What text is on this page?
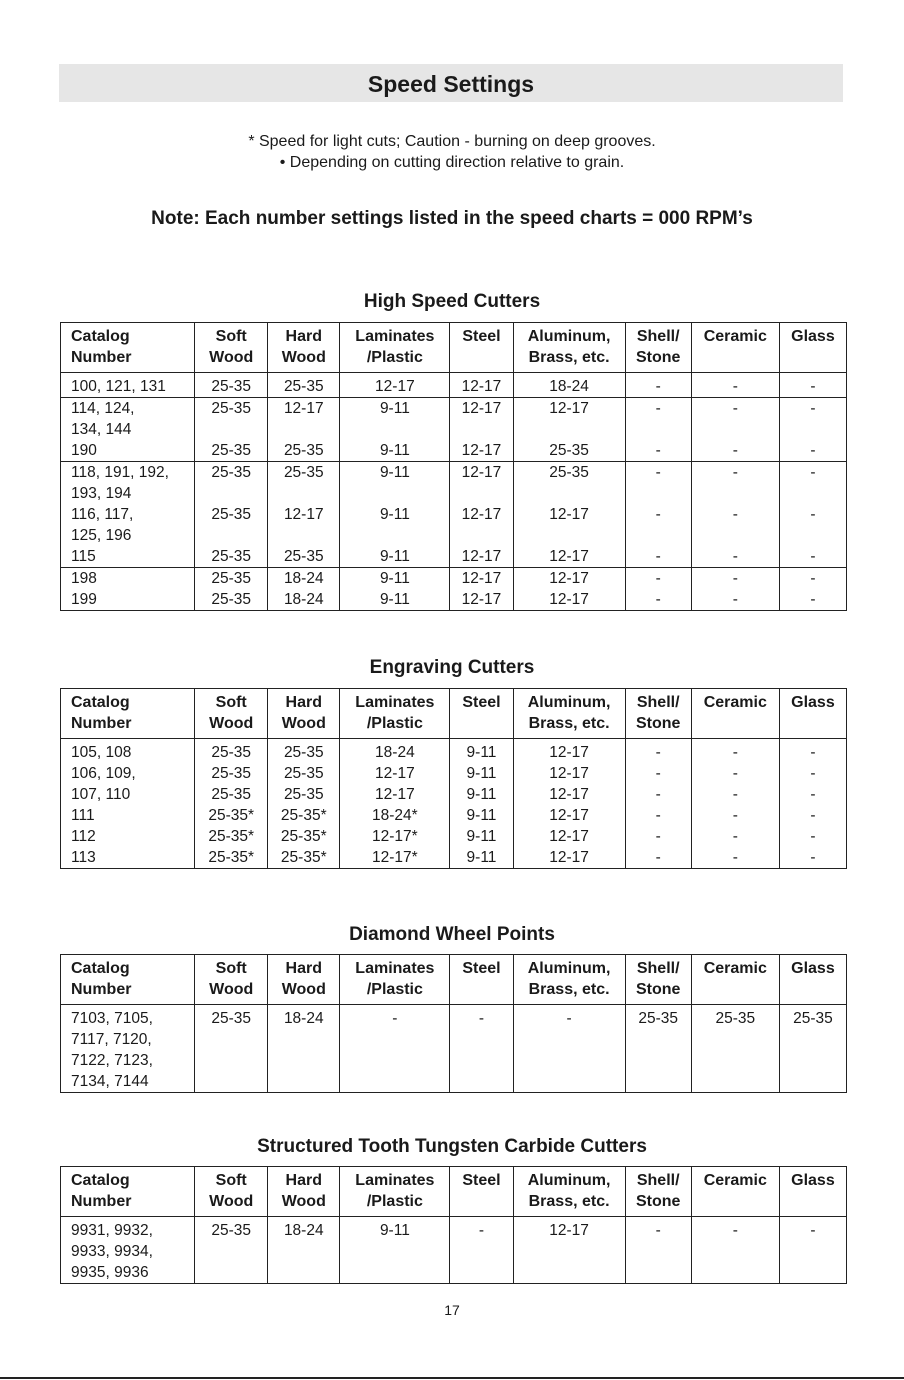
Speed Settings
* Speed for light cuts; Caution - burning on deep grooves.
• Depending on cutting direction relative to grain.
Note: Each number settings listed in the speed charts = 000 RPM’s
High Speed Cutters
Catalog
Number	Soft
Wood	Hard
Wood	Laminates
/Plastic	Steel	Aluminum,
Brass, etc.	Shell/
Stone	Ceramic	Glass
100, 121, 131	25-35	25-35	12-17	12-17	18-24	-	-	-
114, 124,
134, 144	25-35	12-17	9-11	12-17	12-17	-	-	-
190	25-35	25-35	9-11	12-17	25-35	-	-	-
118, 191, 192,
193, 194	25-35	25-35	9-11	12-17	25-35	-	-	-
116, 117,
125, 196	25-35	12-17	9-11	12-17	12-17	-	-	-
115	25-35	25-35	9-11	12-17	12-17	-	-	-
198	25-35	18-24	9-11	12-17	12-17	-	-	-
199	25-35	18-24	9-11	12-17	12-17	-	-	-
Engraving Cutters
Catalog
Number	Soft
Wood	Hard
Wood	Laminates
/Plastic	Steel	Aluminum,
Brass, etc.	Shell/
Stone	Ceramic	Glass
105, 108	25-35	25-35	18-24	9-11	12-17	-	-	-
106, 109,	25-35	25-35	12-17	9-11	12-17	-	-	-
107, 110	25-35	25-35	12-17	9-11	12-17	-	-	-
111	25-35*	25-35*	18-24*	9-11	12-17	-	-	-
112	25-35*	25-35*	12-17*	9-11	12-17	-	-	-
113	25-35*	25-35*	12-17*	9-11	12-17	-	-	-
Diamond Wheel Points
Catalog
Number	Soft
Wood	Hard
Wood	Laminates
/Plastic	Steel	Aluminum,
Brass, etc.	Shell/
Stone	Ceramic	Glass
7103, 7105,
7117, 7120,
7122, 7123,
7134, 7144	25-35	18-24	-	-	-	25-35	25-35	25-35
Structured Tooth Tungsten Carbide Cutters
Catalog
Number	Soft
Wood	Hard
Wood	Laminates
/Plastic	Steel	Aluminum,
Brass, etc.	Shell/
Stone	Ceramic	Glass
9931, 9932,
9933, 9934,
9935, 9936	25-35	18-24	9-11	-	12-17	-	-	-
17
